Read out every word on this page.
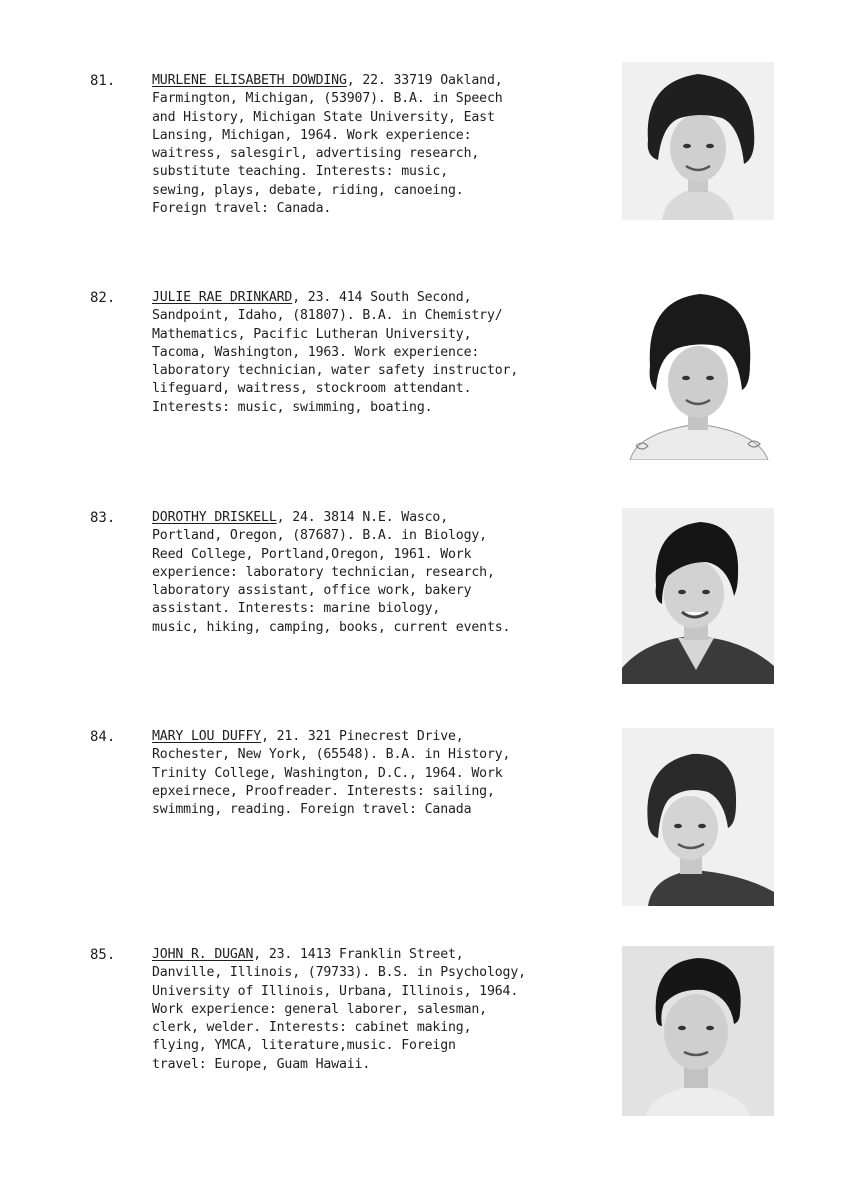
81.	MURLENE ELISABETH DOWDING, 22. 33719 Oakland,
Farmington, Michigan, (53907). B.A. in Speech
and History, Michigan State University, East
Lansing, Michigan, 1964. Work experience:
waitress, salesgirl, advertising research,
substitute teaching. Interests: music,
sewing, plays, debate, riding, canoeing.
Foreign travel: Canada.
82.	JULIE RAE DRINKARD, 23. 414 South Second,
Sandpoint, Idaho, (81807). B.A. in Chemistry/
Mathematics, Pacific Lutheran University,
Tacoma, Washington, 1963. Work experience:
laboratory technician, water safety instructor,
lifeguard, waitress, stockroom attendant.
Interests: music, swimming, boating.
83.	DOROTHY DRISKELL, 24. 3814 N.E. Wasco,
Portland, Oregon, (87687). B.A. in Biology,
Reed College, Portland,Oregon, 1961. Work
experience: laboratory technician, research,
laboratory assistant, office work, bakery
assistant. Interests: marine biology,
music, hiking, camping, books, current events.
84.	MARY LOU DUFFY, 21. 321 Pinecrest Drive,
Rochester, New York, (65548). B.A. in History,
Trinity College, Washington, D.C., 1964. Work
epxeirnece, Proofreader. Interests: sailing,
swimming, reading. Foreign travel: Canada
85.	JOHN R. DUGAN, 23. 1413 Franklin Street,
Danville, Illinois, (79733). B.S. in Psychology,
University of Illinois, Urbana, Illinois, 1964.
Work experience: general laborer, salesman,
clerk, welder. Interests: cabinet making,
flying, YMCA, literature,music. Foreign
travel: Europe, Guam Hawaii.
